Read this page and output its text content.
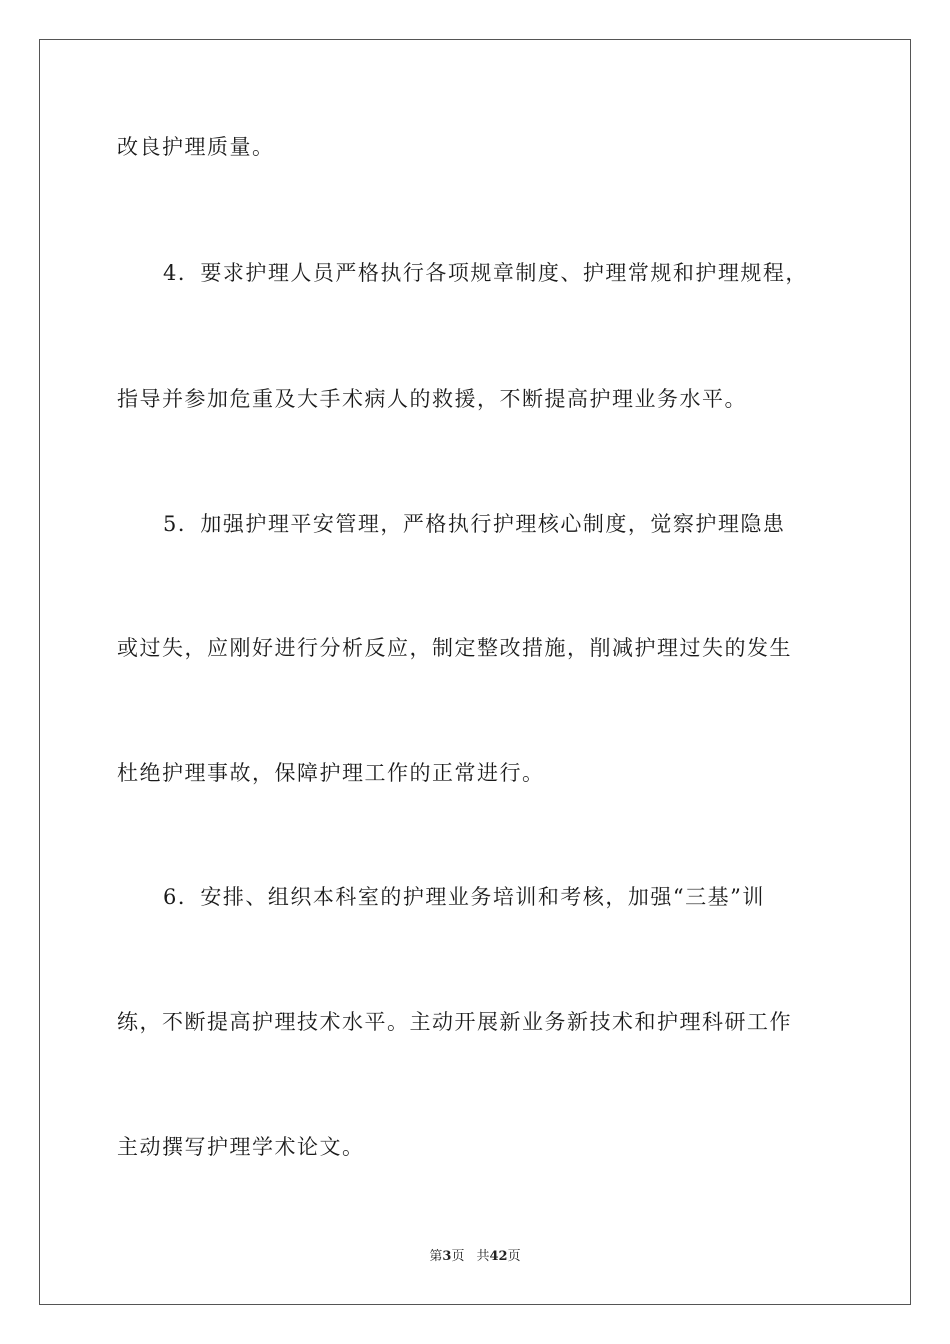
改良护理质量。

4．要求护理人员严格执行各项规章制度、护理常规和护理规程，

指导并参加危重及大手术病人的救援，不断提高护理业务水平。

5．加强护理平安管理，严格执行护理核心制度，觉察护理隐患

或过失，应刚好进行分析反应，制定整改措施，削减护理过失的发生

杜绝护理事故，保障护理工作的正常进行。

6．安排、组织本科室的护理业务培训和考核，加强“三基”训

练，不断提高护理技术水平。主动开展新业务新技术和护理科研工作

主动撰写护理学术论文。

第3页 共42页
